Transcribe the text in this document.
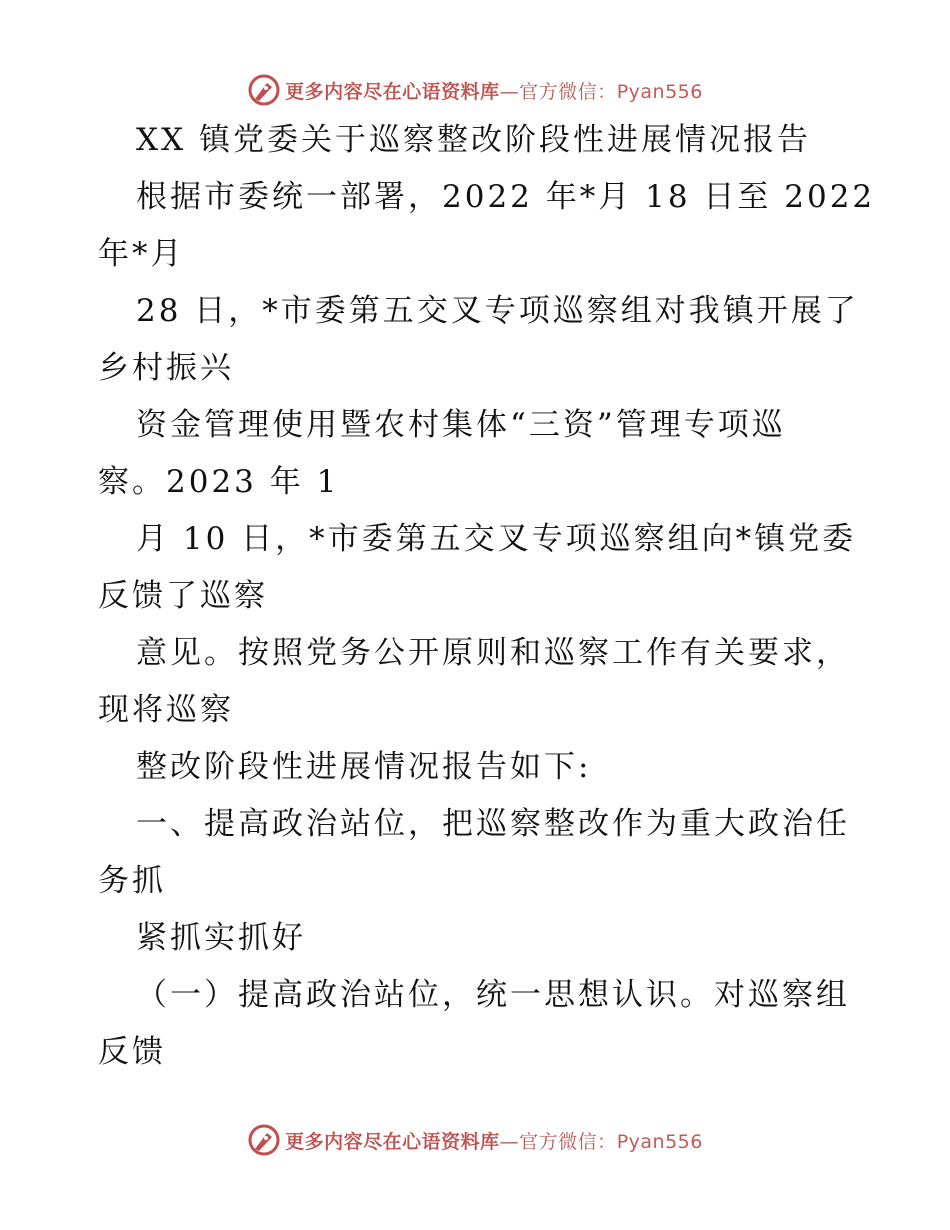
更多内容尽在心语资料库—官方微信：Pyan556
XX 镇党委关于巡察整改阶段性进展情况报告
根据市委统一部署，2022 年*月 18 日至 2022
年*月
28 日，*市委第五交叉专项巡察组对我镇开展了
乡村振兴
资金管理使用暨农村集体“三资”管理专项巡
察。2023 年 1
月 10 日，*市委第五交叉专项巡察组向*镇党委
反馈了巡察
意见。按照党务公开原则和巡察工作有关要求，
现将巡察
整改阶段性进展情况报告如下:
一、提高政治站位，把巡察整改作为重大政治任
务抓
紧抓实抓好
（一）提高政治站位，统一思想认识。对巡察组
反馈
更多内容尽在心语资料库—官方微信：Pyan556
